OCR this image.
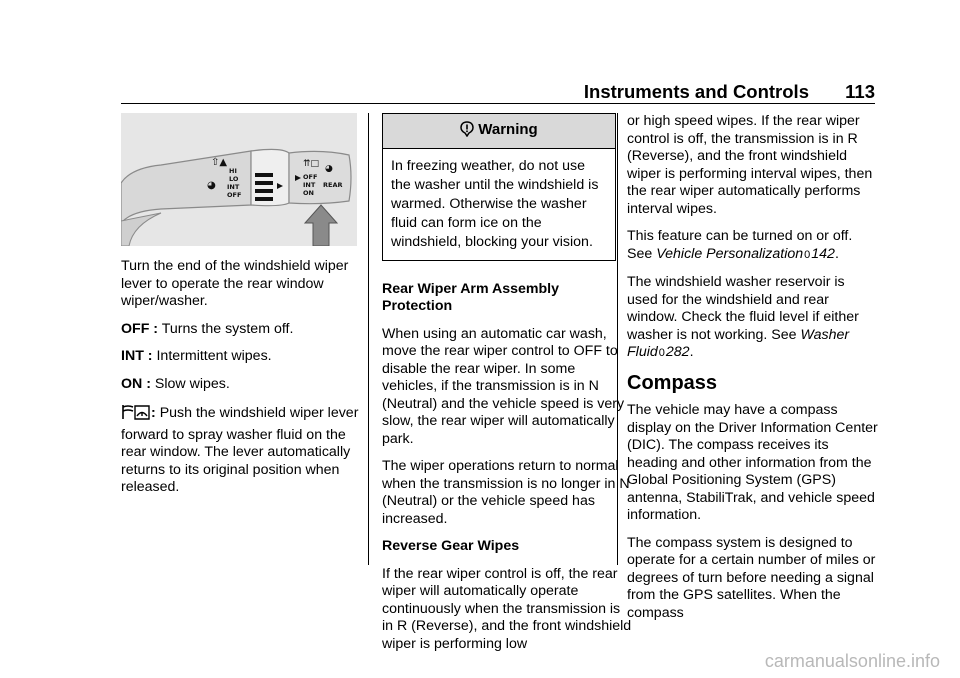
Instruments and Controls 113
⇈□
⇧▲
◕
HI
LO
INT
OFF
OFF
INT
ON
◕
REAR

Turn the end of the windshield wiper lever to operate the rear window wiper/washer.

OFF : Turns the system off.

INT : Intermittent wipes.

ON : Slow wipes.

: Push the windshield wiper lever forward to spray washer fluid on the rear window. The lever automatically returns to its original position when released.

Warning
In freezing weather, do not use the washer until the windshield is warmed. Otherwise the washer fluid can form ice on the windshield, blocking your vision.

Rear Wiper Arm Assembly Protection

When using an automatic car wash, move the rear wiper control to OFF to disable the rear wiper. In some vehicles, if the transmission is in N (Neutral) and the vehicle speed is very slow, the rear wiper will automatically park.

The wiper operations return to normal when the transmission is no longer in N (Neutral) or the vehicle speed has increased.

Reverse Gear Wipes

If the rear wiper control is off, the rear wiper will automatically operate continuously when the transmission is in R (Reverse), and the front windshield wiper is performing low

or high speed wipes. If the rear wiper control is off, the transmission is in R (Reverse), and the front windshield wiper is performing interval wipes, then the rear wiper automatically performs interval wipes.

This feature can be turned on or off. See Vehicle Personalization0142.

The windshield washer reservoir is used for the windshield and rear window. Check the fluid level if either washer is not working. See Washer Fluid0282.

Compass

The vehicle may have a compass display on the Driver Information Center (DIC). The compass receives its heading and other information from the Global Positioning System (GPS) antenna, StabiliTrak, and vehicle speed information.

The compass system is designed to operate for a certain number of miles or degrees of turn before needing a signal from the GPS satellites. When the compass

carmanualsonline.info
